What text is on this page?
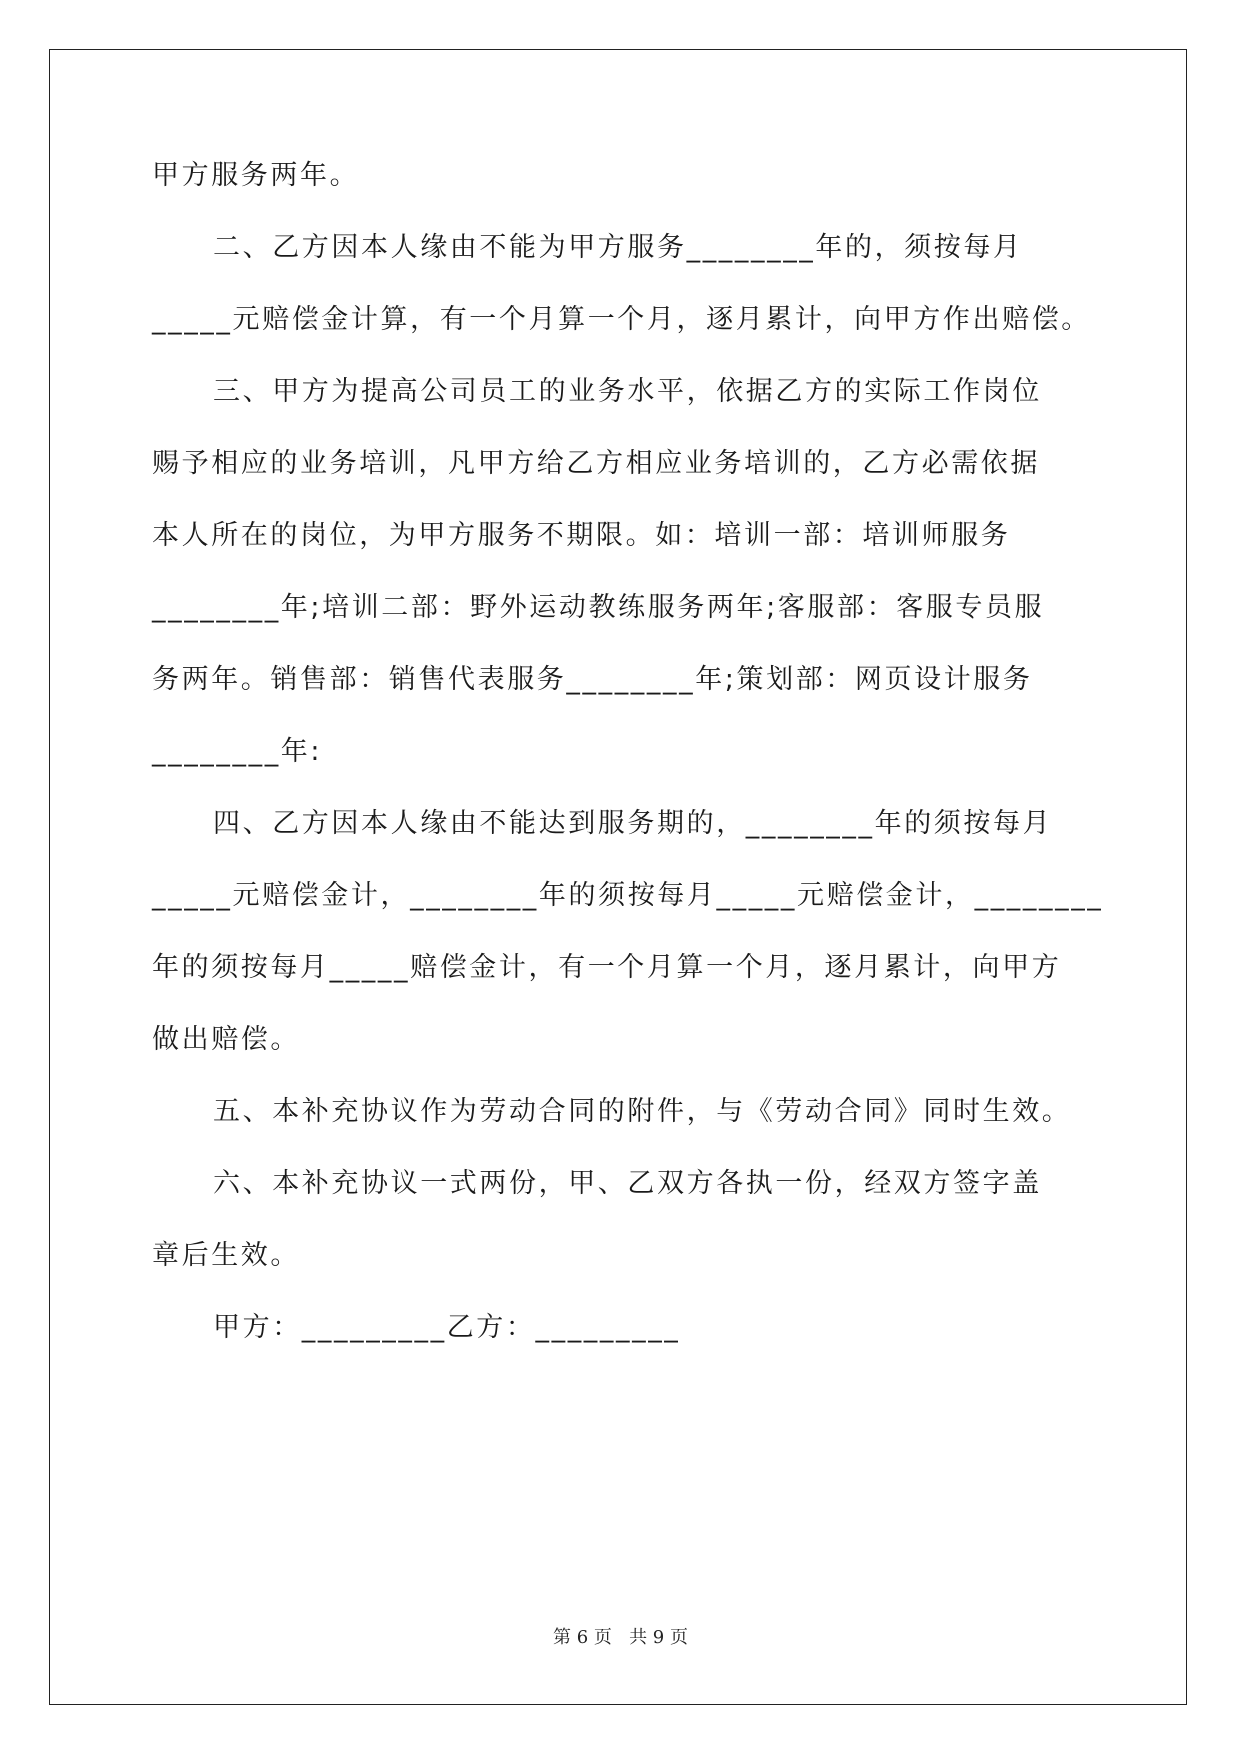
甲方服务两年。
二、乙方因本人缘由不能为甲方服务________年的，须按每月
_____元赔偿金计算，有一个月算一个月，逐月累计，向甲方作出赔偿。
三、甲方为提高公司员工的业务水平，依据乙方的实际工作岗位
赐予相应的业务培训，凡甲方给乙方相应业务培训的，乙方必需依据
本人所在的岗位，为甲方服务不期限。如：培训一部：培训师服务
________年;培训二部：野外运动教练服务两年;客服部：客服专员服
务两年。销售部：销售代表服务________年;策划部：网页设计服务
________年:
四、乙方因本人缘由不能达到服务期的，________年的须按每月
_____元赔偿金计，________年的须按每月_____元赔偿金计，________
年的须按每月_____赔偿金计，有一个月算一个月，逐月累计，向甲方
做出赔偿。
五、本补充协议作为劳动合同的附件，与《劳动合同》同时生效。
六、本补充协议一式两份，甲、乙双方各执一份，经双方签字盖
章后生效。
甲方：_________乙方：_________
第 6 页   共 9 页
